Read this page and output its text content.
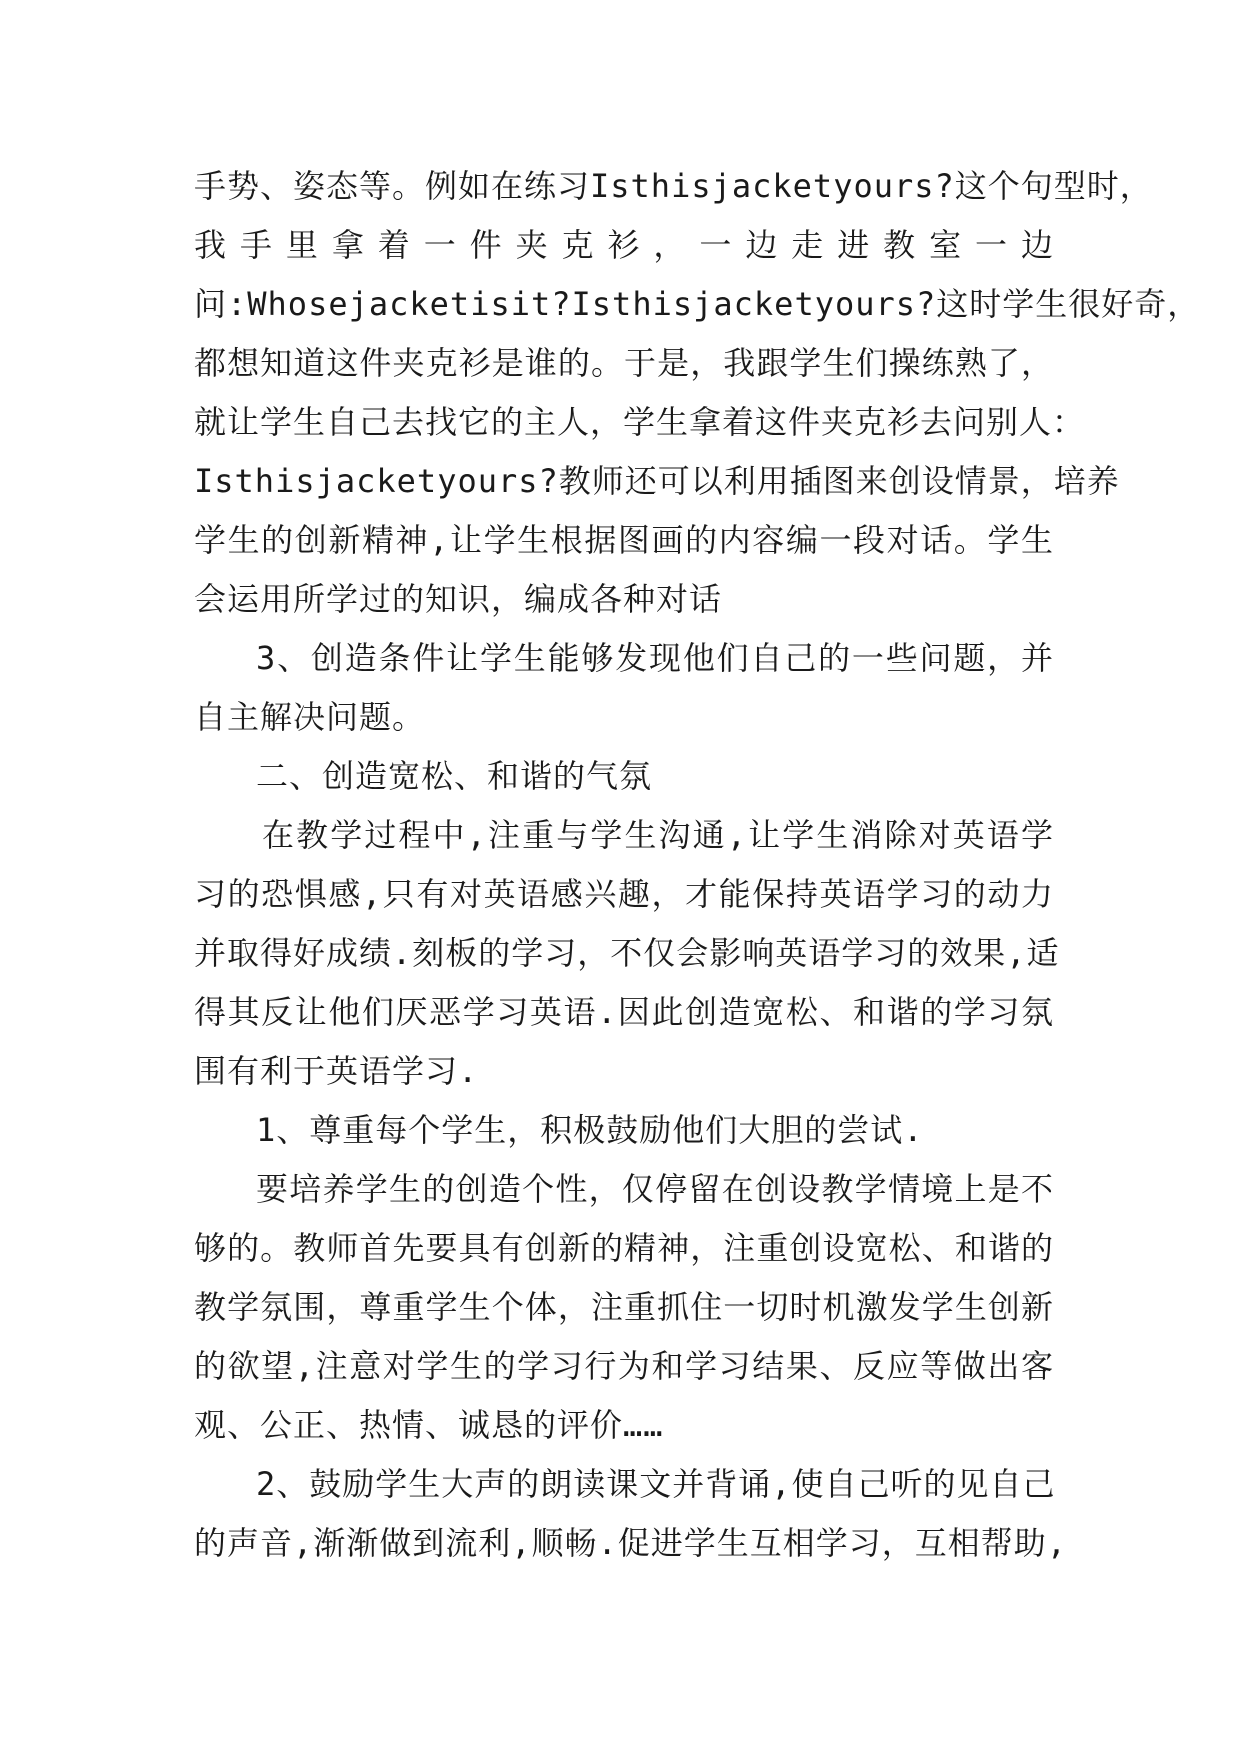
手势、姿态等。例如在练习Isthisjacketyours?这个句型时，
我手里拿着一件夹克衫，一边走进教室一边
问:Whosejacketisit?Isthisjacketyours?这时学生很好奇，
都想知道这件夹克衫是谁的。于是，我跟学生们操练熟了，
就让学生自己去找它的主人，学生拿着这件夹克衫去问别人：
Isthisjacketyours?教师还可以利用插图来创设情景，培养
学生的创新精神,让学生根据图画的内容编一段对话。学生
会运用所学过的知识，编成各种对话
3、创造条件让学生能够发现他们自己的一些问题，并
自主解决问题。
二、创造宽松、和谐的气氛
在教学过程中,注重与学生沟通,让学生消除对英语学
习的恐惧感,只有对英语感兴趣，才能保持英语学习的动力
并取得好成绩.刻板的学习，不仅会影响英语学习的效果,适
得其反让他们厌恶学习英语.因此创造宽松、和谐的学习氛
围有利于英语学习.
1、尊重每个学生，积极鼓励他们大胆的尝试.
要培养学生的创造个性，仅停留在创设教学情境上是不
够的。教师首先要具有创新的精神，注重创设宽松、和谐的
教学氛围，尊重学生个体，注重抓住一切时机激发学生创新
的欲望,注意对学生的学习行为和学习结果、反应等做出客
观、公正、热情、诚恳的评价……
2、鼓励学生大声的朗读课文并背诵,使自己听的见自己
的声音,渐渐做到流利,顺畅.促进学生互相学习，互相帮助,
